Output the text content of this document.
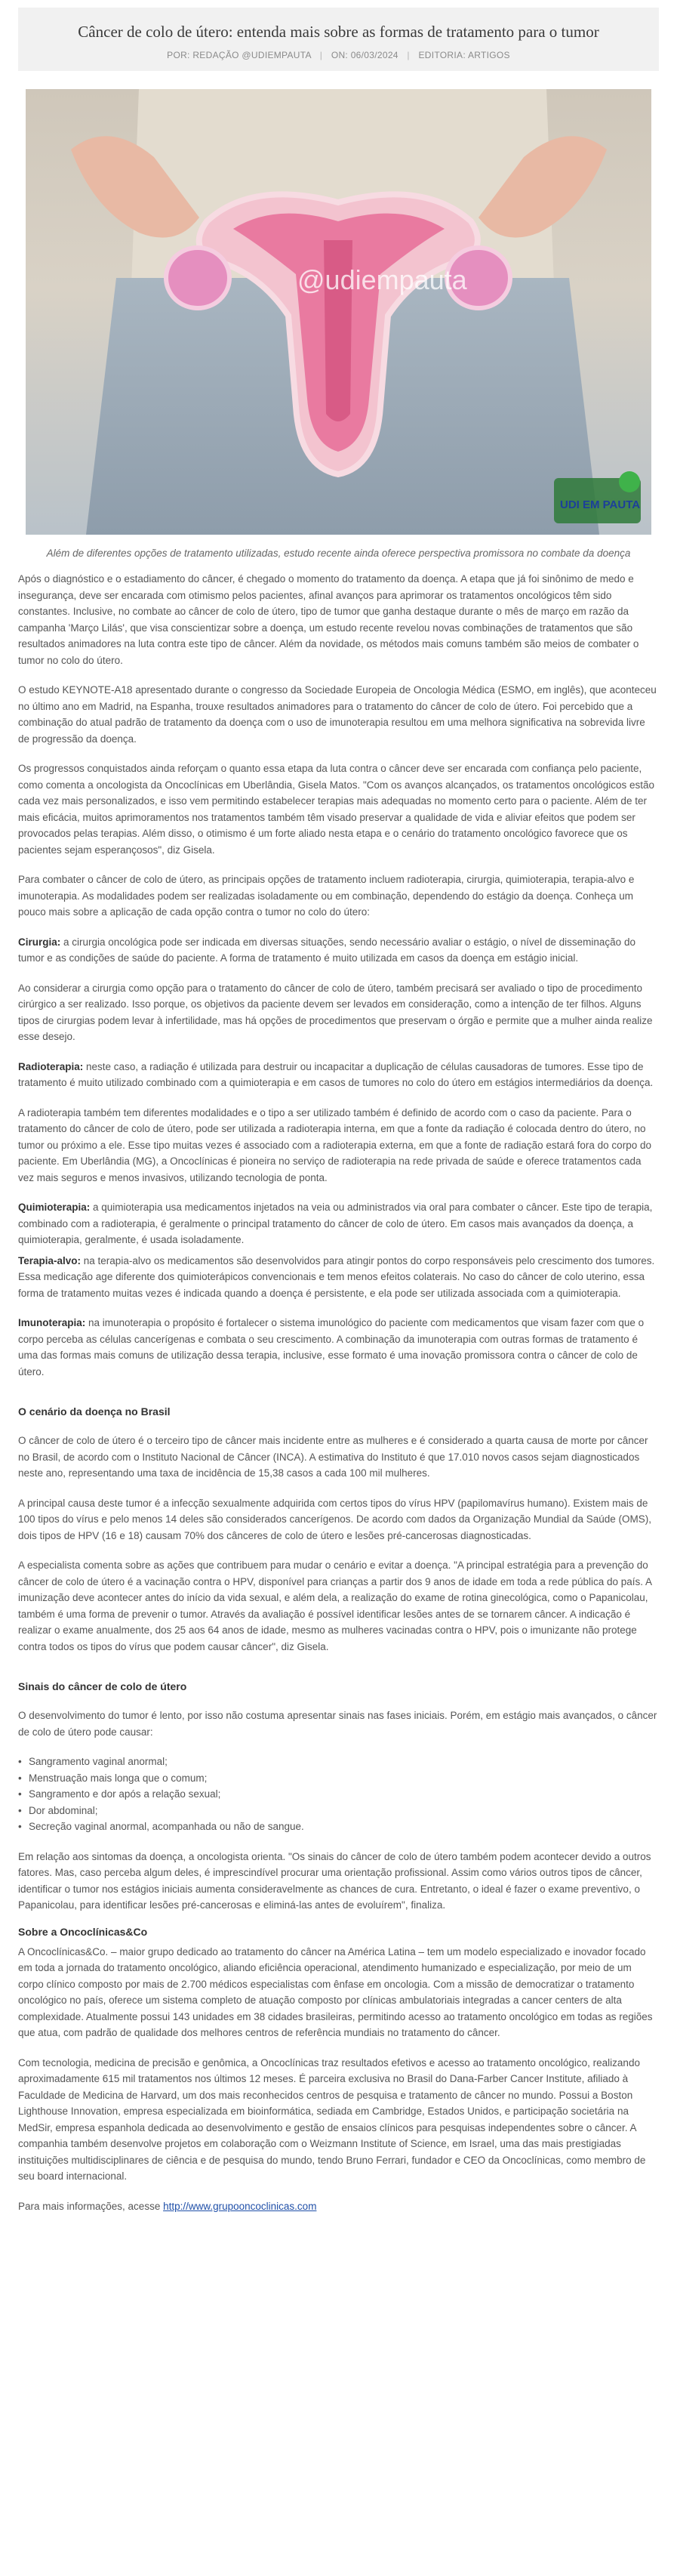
Câncer de colo de útero: entenda mais sobre as formas de tratamento para o tumor
POR: REDAÇÃO @UDIEMPAUTA | ON: 06/03/2024 | EDITORIA: ARTIGOS
@udiempauta
UDI EM PAUTA

Além de diferentes opções de tratamento utilizadas, estudo recente ainda oferece perspectiva promissora no combate da doença

Após o diagnóstico e o estadiamento do câncer, é chegado o momento do tratamento da doença. A etapa que já foi sinônimo de medo e insegurança, deve ser encarada com otimismo pelos pacientes, afinal avanços para aprimorar os tratamentos oncológicos têm sido constantes. Inclusive, no combate ao câncer de colo de útero, tipo de tumor que ganha destaque durante o mês de março em razão da campanha 'Março Lilás', que visa conscientizar sobre a doença, um estudo recente revelou novas combinações de tratamentos que são resultados animadores na luta contra este tipo de câncer. Além da novidade, os métodos mais comuns também são meios de combater o tumor no colo do útero.

O estudo KEYNOTE-A18 apresentado durante o congresso da Sociedade Europeia de Oncologia Médica (ESMO, em inglês), que aconteceu no último ano em Madrid, na Espanha, trouxe resultados animadores para o tratamento do câncer de colo de útero. Foi percebido que a combinação do atual padrão de tratamento da doença com o uso de imunoterapia resultou em uma melhora significativa na sobrevida livre de progressão da doença.

Os progressos conquistados ainda reforçam o quanto essa etapa da luta contra o câncer deve ser encarada com confiança pelo paciente, como comenta a oncologista da Oncoclínicas em Uberlândia, Gisela Matos. "Com os avanços alcançados, os tratamentos oncológicos estão cada vez mais personalizados, e isso vem permitindo estabelecer terapias mais adequadas no momento certo para o paciente. Além de ter mais eficácia, muitos aprimoramentos nos tratamentos também têm visado preservar a qualidade de vida e aliviar efeitos que podem ser provocados pelas terapias. Além disso, o otimismo é um forte aliado nesta etapa e o cenário do tratamento oncológico favorece que os pacientes sejam esperançosos", diz Gisela.

Para combater o câncer de colo de útero, as principais opções de tratamento incluem radioterapia, cirurgia, quimioterapia, terapia-alvo e imunoterapia. As modalidades podem ser realizadas isoladamente ou em combinação, dependendo do estágio da doença. Conheça um pouco mais sobre a aplicação de cada opção contra o tumor no colo do útero:

Cirurgia: a cirurgia oncológica pode ser indicada em diversas situações, sendo necessário avaliar o estágio, o nível de disseminação do tumor e as condições de saúde do paciente. A forma de tratamento é muito utilizada em casos da doença em estágio inicial.

Ao considerar a cirurgia como opção para o tratamento do câncer de colo de útero, também precisará ser avaliado o tipo de procedimento cirúrgico a ser realizado. Isso porque, os objetivos da paciente devem ser levados em consideração, como a intenção de ter filhos. Alguns tipos de cirurgias podem levar à infertilidade, mas há opções de procedimentos que preservam o órgão e permite que a mulher ainda realize esse desejo.

Radioterapia: neste caso, a radiação é utilizada para destruir ou incapacitar a duplicação de células causadoras de tumores. Esse tipo de tratamento é muito utilizado combinado com a quimioterapia e em casos de tumores no colo do útero em estágios intermediários da doença.

A radioterapia também tem diferentes modalidades e o tipo a ser utilizado também é definido de acordo com o caso da paciente. Para o tratamento do câncer de colo de útero, pode ser utilizada a radioterapia interna, em que a fonte da radiação é colocada dentro do útero, no tumor ou próximo a ele. Esse tipo muitas vezes é associado com a radioterapia externa, em que a fonte de radiação estará fora do corpo do paciente. Em Uberlândia (MG), a Oncoclínicas é pioneira no serviço de radioterapia na rede privada de saúde e oferece tratamentos cada vez mais seguros e menos invasivos, utilizando tecnologia de ponta.

Quimioterapia: a quimioterapia usa medicamentos injetados na veia ou administrados via oral para combater o câncer. Este tipo de terapia, combinado com a radioterapia, é geralmente o principal tratamento do câncer de colo de útero. Em casos mais avançados da doença, a quimioterapia, geralmente, é usada isoladamente.

Terapia-alvo: na terapia-alvo os medicamentos são desenvolvidos para atingir pontos do corpo responsáveis pelo crescimento dos tumores. Essa medicação age diferente dos quimioterápicos convencionais e tem menos efeitos colaterais. No caso do câncer de colo uterino, essa forma de tratamento muitas vezes é indicada quando a doença é persistente, e ela pode ser utilizada associada com a quimioterapia.

Imunoterapia: na imunoterapia o propósito é fortalecer o sistema imunológico do paciente com medicamentos que visam fazer com que o corpo perceba as células cancerígenas e combata o seu crescimento. A combinação da imunoterapia com outras formas de tratamento é uma das formas mais comuns de utilização dessa terapia, inclusive, esse formato é uma inovação promissora contra o câncer de colo de útero.

O cenário da doença no Brasil

O câncer de colo de útero é o terceiro tipo de câncer mais incidente entre as mulheres e é considerado a quarta causa de morte por câncer no Brasil, de acordo com o Instituto Nacional de Câncer (INCA). A estimativa do Instituto é que 17.010 novos casos sejam diagnosticados neste ano, representando uma taxa de incidência de 15,38 casos a cada 100 mil mulheres.

A principal causa deste tumor é a infecção sexualmente adquirida com certos tipos do vírus HPV (papilomavírus humano). Existem mais de 100 tipos do vírus e pelo menos 14 deles são considerados cancerígenos. De acordo com dados da Organização Mundial da Saúde (OMS), dois tipos de HPV (16 e 18) causam 70% dos cânceres de colo de útero e lesões pré-cancerosas diagnosticadas.

A especialista comenta sobre as ações que contribuem para mudar o cenário e evitar a doença. "A principal estratégia para a prevenção do câncer de colo de útero é a vacinação contra o HPV, disponível para crianças a partir dos 9 anos de idade em toda a rede pública do país. A imunização deve acontecer antes do início da vida sexual, e além dela, a realização do exame de rotina ginecológica, como o Papanicolau, também é uma forma de prevenir o tumor. Através da avaliação é possível identificar lesões antes de se tornarem câncer. A indicação é realizar o exame anualmente, dos 25 aos 64 anos de idade, mesmo as mulheres vacinadas contra o HPV, pois o imunizante não protege contra todos os tipos do vírus que podem causar câncer", diz Gisela.

Sinais do câncer de colo de útero

O desenvolvimento do tumor é lento, por isso não costuma apresentar sinais nas fases iniciais. Porém, em estágio mais avançados, o câncer de colo de útero pode causar:

• Sangramento vaginal anormal;
• Menstruação mais longa que o comum;
• Sangramento e dor após a relação sexual;
• Dor abdominal;
• Secreção vaginal anormal, acompanhada ou não de sangue.

Em relação aos sintomas da doença, a oncologista orienta. "Os sinais do câncer de colo de útero também podem acontecer devido a outros fatores. Mas, caso perceba algum deles, é imprescindível procurar uma orientação profissional. Assim como vários outros tipos de câncer, identificar o tumor nos estágios iniciais aumenta consideravelmente as chances de cura. Entretanto, o ideal é fazer o exame preventivo, o Papanicolau, para identificar lesões pré-cancerosas e eliminá-las antes de evoluírem", finaliza.

Sobre a Oncoclínicas&Co

A Oncoclínicas&Co. – maior grupo dedicado ao tratamento do câncer na América Latina – tem um modelo especializado e inovador focado em toda a jornada do tratamento oncológico, aliando eficiência operacional, atendimento humanizado e especialização, por meio de um corpo clínico composto por mais de 2.700 médicos especialistas com ênfase em oncologia. Com a missão de democratizar o tratamento oncológico no país, oferece um sistema completo de atuação composto por clínicas ambulatoriais integradas a cancer centers de alta complexidade. Atualmente possui 143 unidades em 38 cidades brasileiras, permitindo acesso ao tratamento oncológico em todas as regiões que atua, com padrão de qualidade dos melhores centros de referência mundiais no tratamento do câncer.

Com tecnologia, medicina de precisão e genômica, a Oncoclínicas traz resultados efetivos e acesso ao tratamento oncológico, realizando aproximadamente 615 mil tratamentos nos últimos 12 meses. É parceira exclusiva no Brasil do Dana-Farber Cancer Institute, afiliado à Faculdade de Medicina de Harvard, um dos mais reconhecidos centros de pesquisa e tratamento de câncer no mundo. Possui a Boston Lighthouse Innovation, empresa especializada em bioinformática, sediada em Cambridge, Estados Unidos, e participação societária na MedSir, empresa espanhola dedicada ao desenvolvimento e gestão de ensaios clínicos para pesquisas independentes sobre o câncer. A companhia também desenvolve projetos em colaboração com o Weizmann Institute of Science, em Israel, uma das mais prestigiadas instituições multidisciplinares de ciência e de pesquisa do mundo, tendo Bruno Ferrari, fundador e CEO da Oncoclínicas, como membro de seu board internacional.

Para mais informações, acesse http://www.grupooncoclinicas.com
